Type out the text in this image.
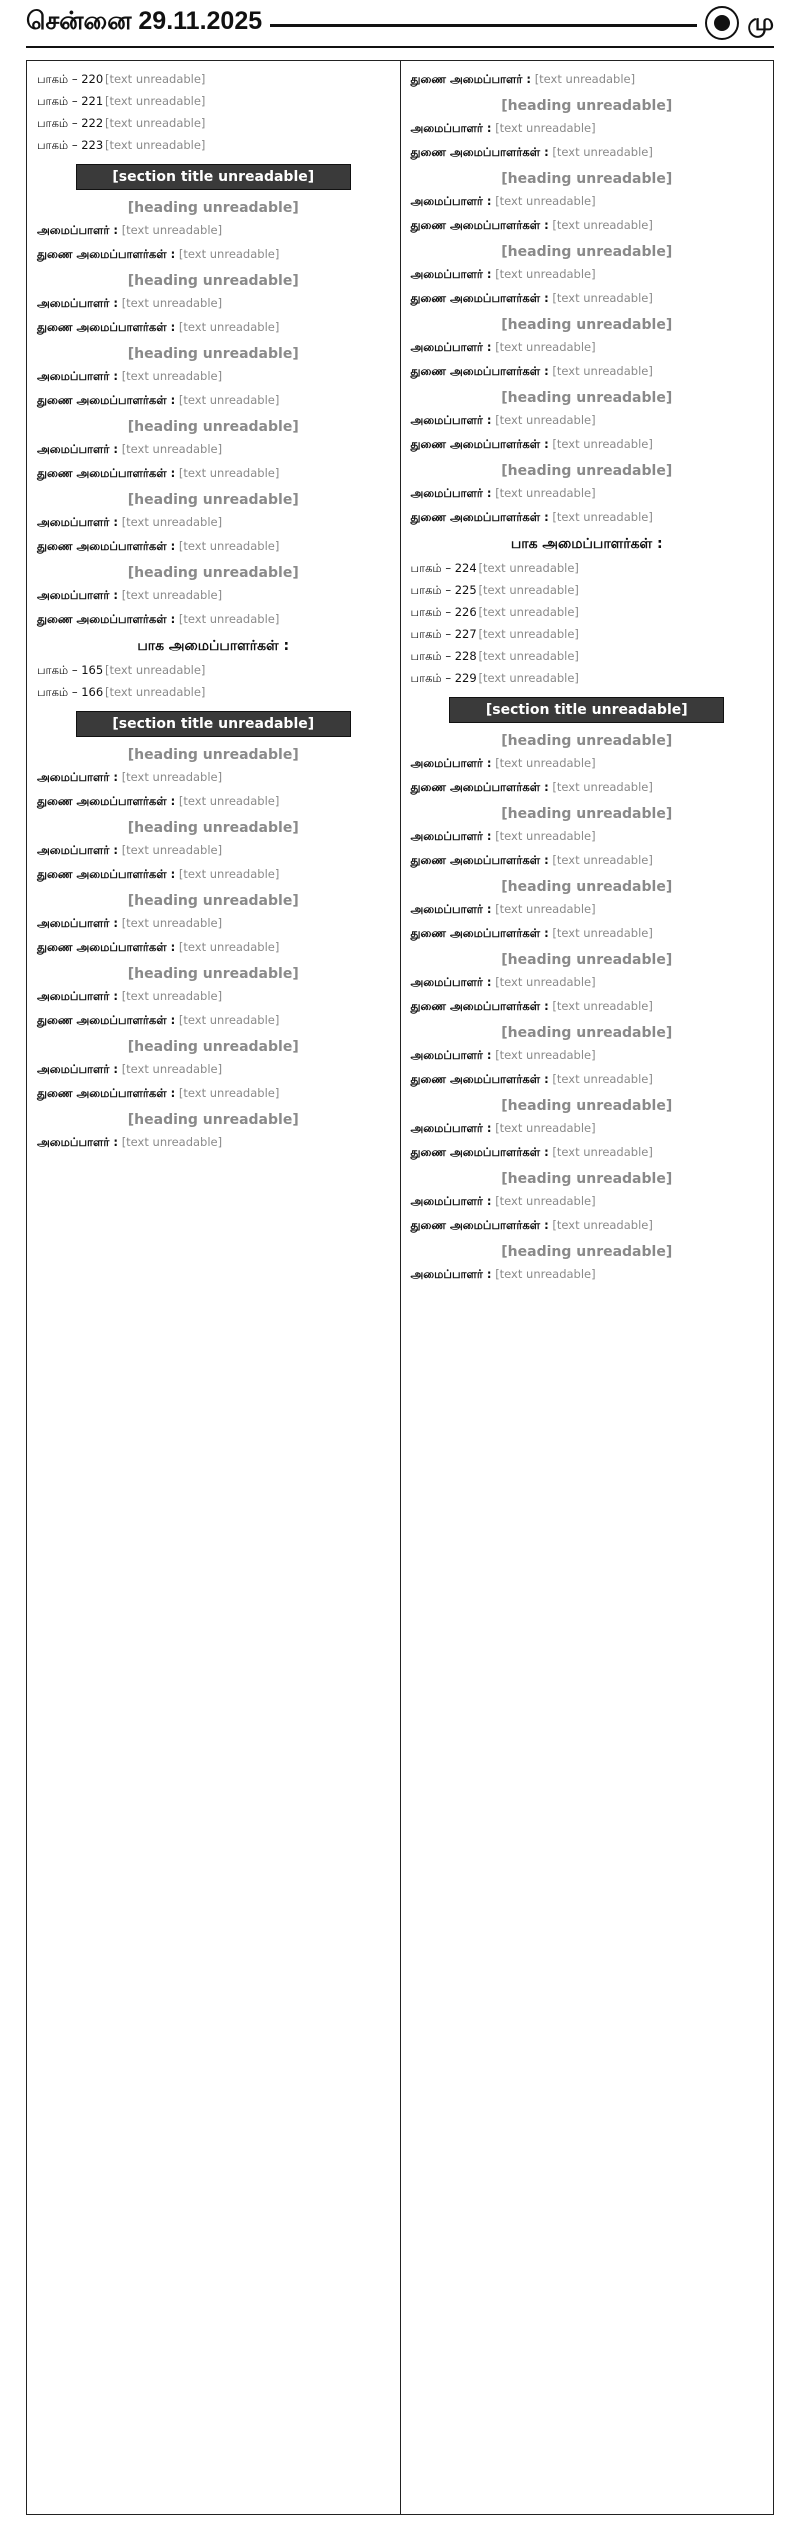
சென்னை 29.11.2025	மு
பாகம் – 220 [text unreadable]
பாகம் – 221 [text unreadable]
பாகம் – 222 [text unreadable]
பாகம் – 223 [text unreadable]
[section title unreadable]
[heading unreadable]
அமைப்பாளர் : [text unreadable]
துணை அமைப்பாளர்கள் : [text unreadable]
[heading unreadable]
அமைப்பாளர் : [text unreadable]
துணை அமைப்பாளர்கள் : [text unreadable]
[heading unreadable]
அமைப்பாளர் : [text unreadable]
துணை அமைப்பாளர்கள் : [text unreadable]
[heading unreadable]
அமைப்பாளர் : [text unreadable]
துணை அமைப்பாளர்கள் : [text unreadable]
[heading unreadable]
அமைப்பாளர் : [text unreadable]
துணை அமைப்பாளர்கள் : [text unreadable]
[heading unreadable]
அமைப்பாளர் : [text unreadable]
துணை அமைப்பாளர்கள் : [text unreadable]
பாக அமைப்பாளர்கள் :
பாகம் – 165 [text unreadable]
பாகம் – 166 [text unreadable]
[section title unreadable]
[heading unreadable]
அமைப்பாளர் : [text unreadable]
துணை அமைப்பாளர்கள் : [text unreadable]
[heading unreadable]
அமைப்பாளர் : [text unreadable]
துணை அமைப்பாளர்கள் : [text unreadable]
[heading unreadable]
அமைப்பாளர் : [text unreadable]
துணை அமைப்பாளர்கள் : [text unreadable]
[heading unreadable]
அமைப்பாளர் : [text unreadable]
துணை அமைப்பாளர்கள் : [text unreadable]
[heading unreadable]
அமைப்பாளர் : [text unreadable]
துணை அமைப்பாளர்கள் : [text unreadable]
[heading unreadable]
அமைப்பாளர் : [text unreadable]
துணை அமைப்பாளர் : [text unreadable]
[heading unreadable]
அமைப்பாளர் : [text unreadable]
துணை அமைப்பாளர்கள் : [text unreadable]
[heading unreadable]
அமைப்பாளர் : [text unreadable]
துணை அமைப்பாளர்கள் : [text unreadable]
[heading unreadable]
அமைப்பாளர் : [text unreadable]
துணை அமைப்பாளர்கள் : [text unreadable]
[heading unreadable]
அமைப்பாளர் : [text unreadable]
துணை அமைப்பாளர்கள் : [text unreadable]
[heading unreadable]
அமைப்பாளர் : [text unreadable]
துணை அமைப்பாளர்கள் : [text unreadable]
[heading unreadable]
அமைப்பாளர் : [text unreadable]
துணை அமைப்பாளர்கள் : [text unreadable]
பாக அமைப்பாளர்கள் :
பாகம் – 224 [text unreadable]
பாகம் – 225 [text unreadable]
பாகம் – 226 [text unreadable]
பாகம் – 227 [text unreadable]
பாகம் – 228 [text unreadable]
பாகம் – 229 [text unreadable]
[section title unreadable]
[heading unreadable]
அமைப்பாளர் : [text unreadable]
துணை அமைப்பாளர்கள் : [text unreadable]
[heading unreadable]
அமைப்பாளர் : [text unreadable]
துணை அமைப்பாளர்கள் : [text unreadable]
[heading unreadable]
அமைப்பாளர் : [text unreadable]
துணை அமைப்பாளர்கள் : [text unreadable]
[heading unreadable]
அமைப்பாளர் : [text unreadable]
துணை அமைப்பாளர்கள் : [text unreadable]
[heading unreadable]
அமைப்பாளர் : [text unreadable]
துணை அமைப்பாளர்கள் : [text unreadable]
[heading unreadable]
அமைப்பாளர் : [text unreadable]
துணை அமைப்பாளர்கள் : [text unreadable]
[heading unreadable]
அமைப்பாளர் : [text unreadable]
துணை அமைப்பாளர்கள் : [text unreadable]
[heading unreadable]
அமைப்பாளர் : [text unreadable]
